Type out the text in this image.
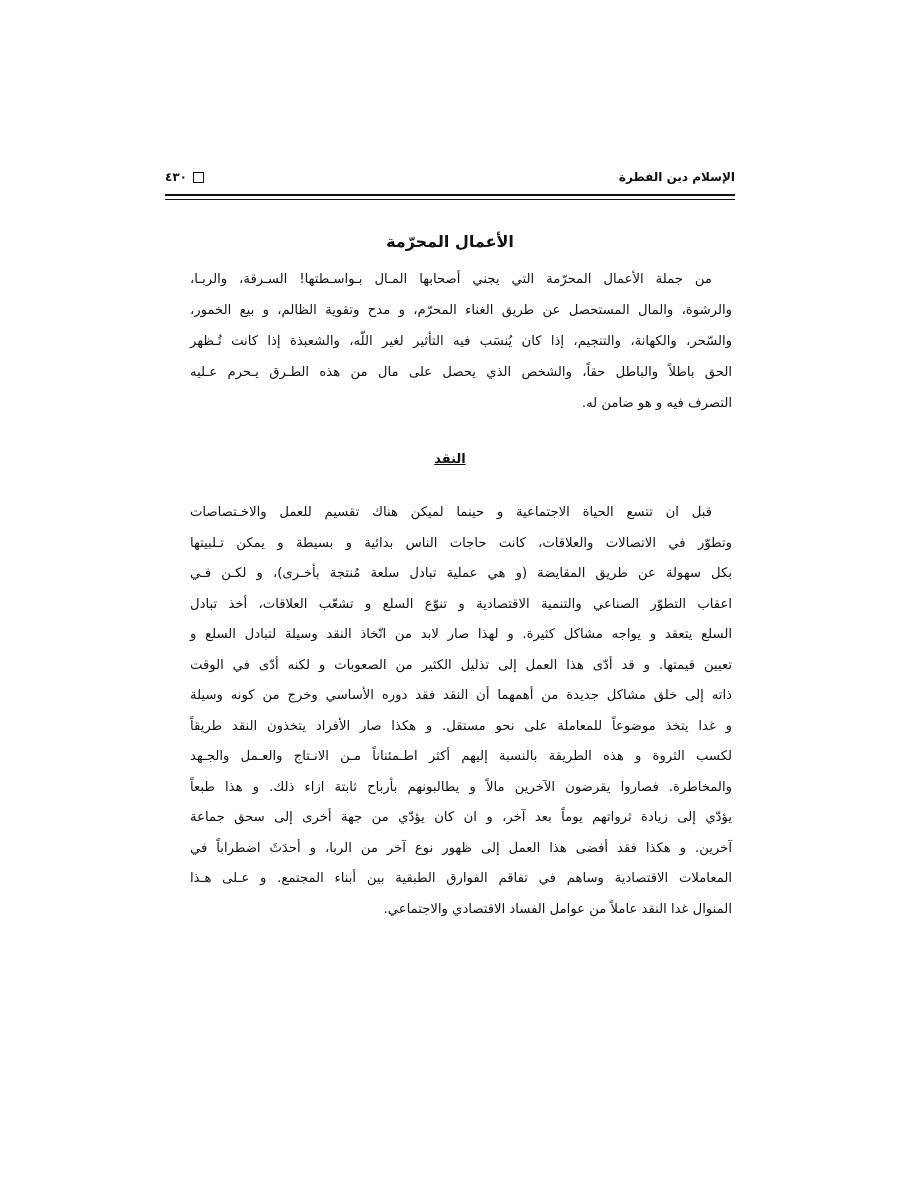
الإسلام دين الفطرة
٤٣٠
الأعمال المحرّمة
من جملة الأعمال المحرّمة التي يجني أصحابها المـال بـواسـطتها! السـرقة، والربـا،
والرشوة، والمال المستحصل عن طريق الغناء المحرّم، و مدح وتقوية الظالم، و بيع الخمور،
والسّحر، والكهانة، والتنجيم، إذا كان يُنسَب فيه التأثير لغير اللّه، والشعبذة إذا كانت تُـظهر
الحق باطلاً والباطل حقاً، والشخص الذي يحصل على مال من هذه الطـرق يـحرم عـليه
التصرف فيه و هو ضامن له.
النقد
قبل ان تتسع الحياة الاجتماعية و حينما لميكن هناك تقسيم للعمل والاخـتصاصات
وتطوّر في الاتصالات والعلاقات، كانت حاجات الناس بدائية و بسيطة و يمكن تـلبيتها
بكل سهولة عن طريق المقايضة (و هي عملية تبادل سلعة مُنتجة بأخـرى)، و لكـن فـي
اعقاب التطوّر الصناعي والتنمية الاقتصادية و تنوّع السلع و تشعّب العلاقات، أخذ تبادل
السلع يتعقد و يواجه مشاكل كثيرة. و لهذا صار لابد من اتّخاذ النقد وسيلة لتبادل السلع و
تعيين قيمتها. و قد أدّى هذا العمل إلى تذليل الكثير من الصعوبات و لكنه أدّى في الوقت
ذاته إلى خلق مشاكل جديدة من أهمهما أن النقد فقد دوره الأساسي وخرج من كونه وسيلة
و غدا يتخذ موضوعاً للمعاملة على نحو مستقل. و هكذا صار الأفراد يتخذون النقد طريقاً
لكسب الثروة و هذه الطريقة بالنسبة إليهم أكثر اطـمئناناً مـن الانـتاج والعـمل والجـهد
والمخاطرة. فصاروا يقرضون الآخرين مالاً و يطالبونهم بأرباح ثابتة ازاء ذلك. و هذا طبعاً
يؤدّي إلى زيادة ثرواتهم يوماً بعد آخر، و ان كان يؤدّي من جهة أخرى إلى سحق جماعة
آخرين. و هكذا فقد أفضى هذا العمل إلى ظهور نوع آخر من الربا، و أحدَثَ اضطراباً في
المعاملات الاقتصادية وساهم في تفاقم الفوارق الطبقية بين أبناء المجتمع. و عـلى هـذا
المنوال غدا النقد عاملاً من عوامل الفساد الاقتصادي والاجتماعي.
